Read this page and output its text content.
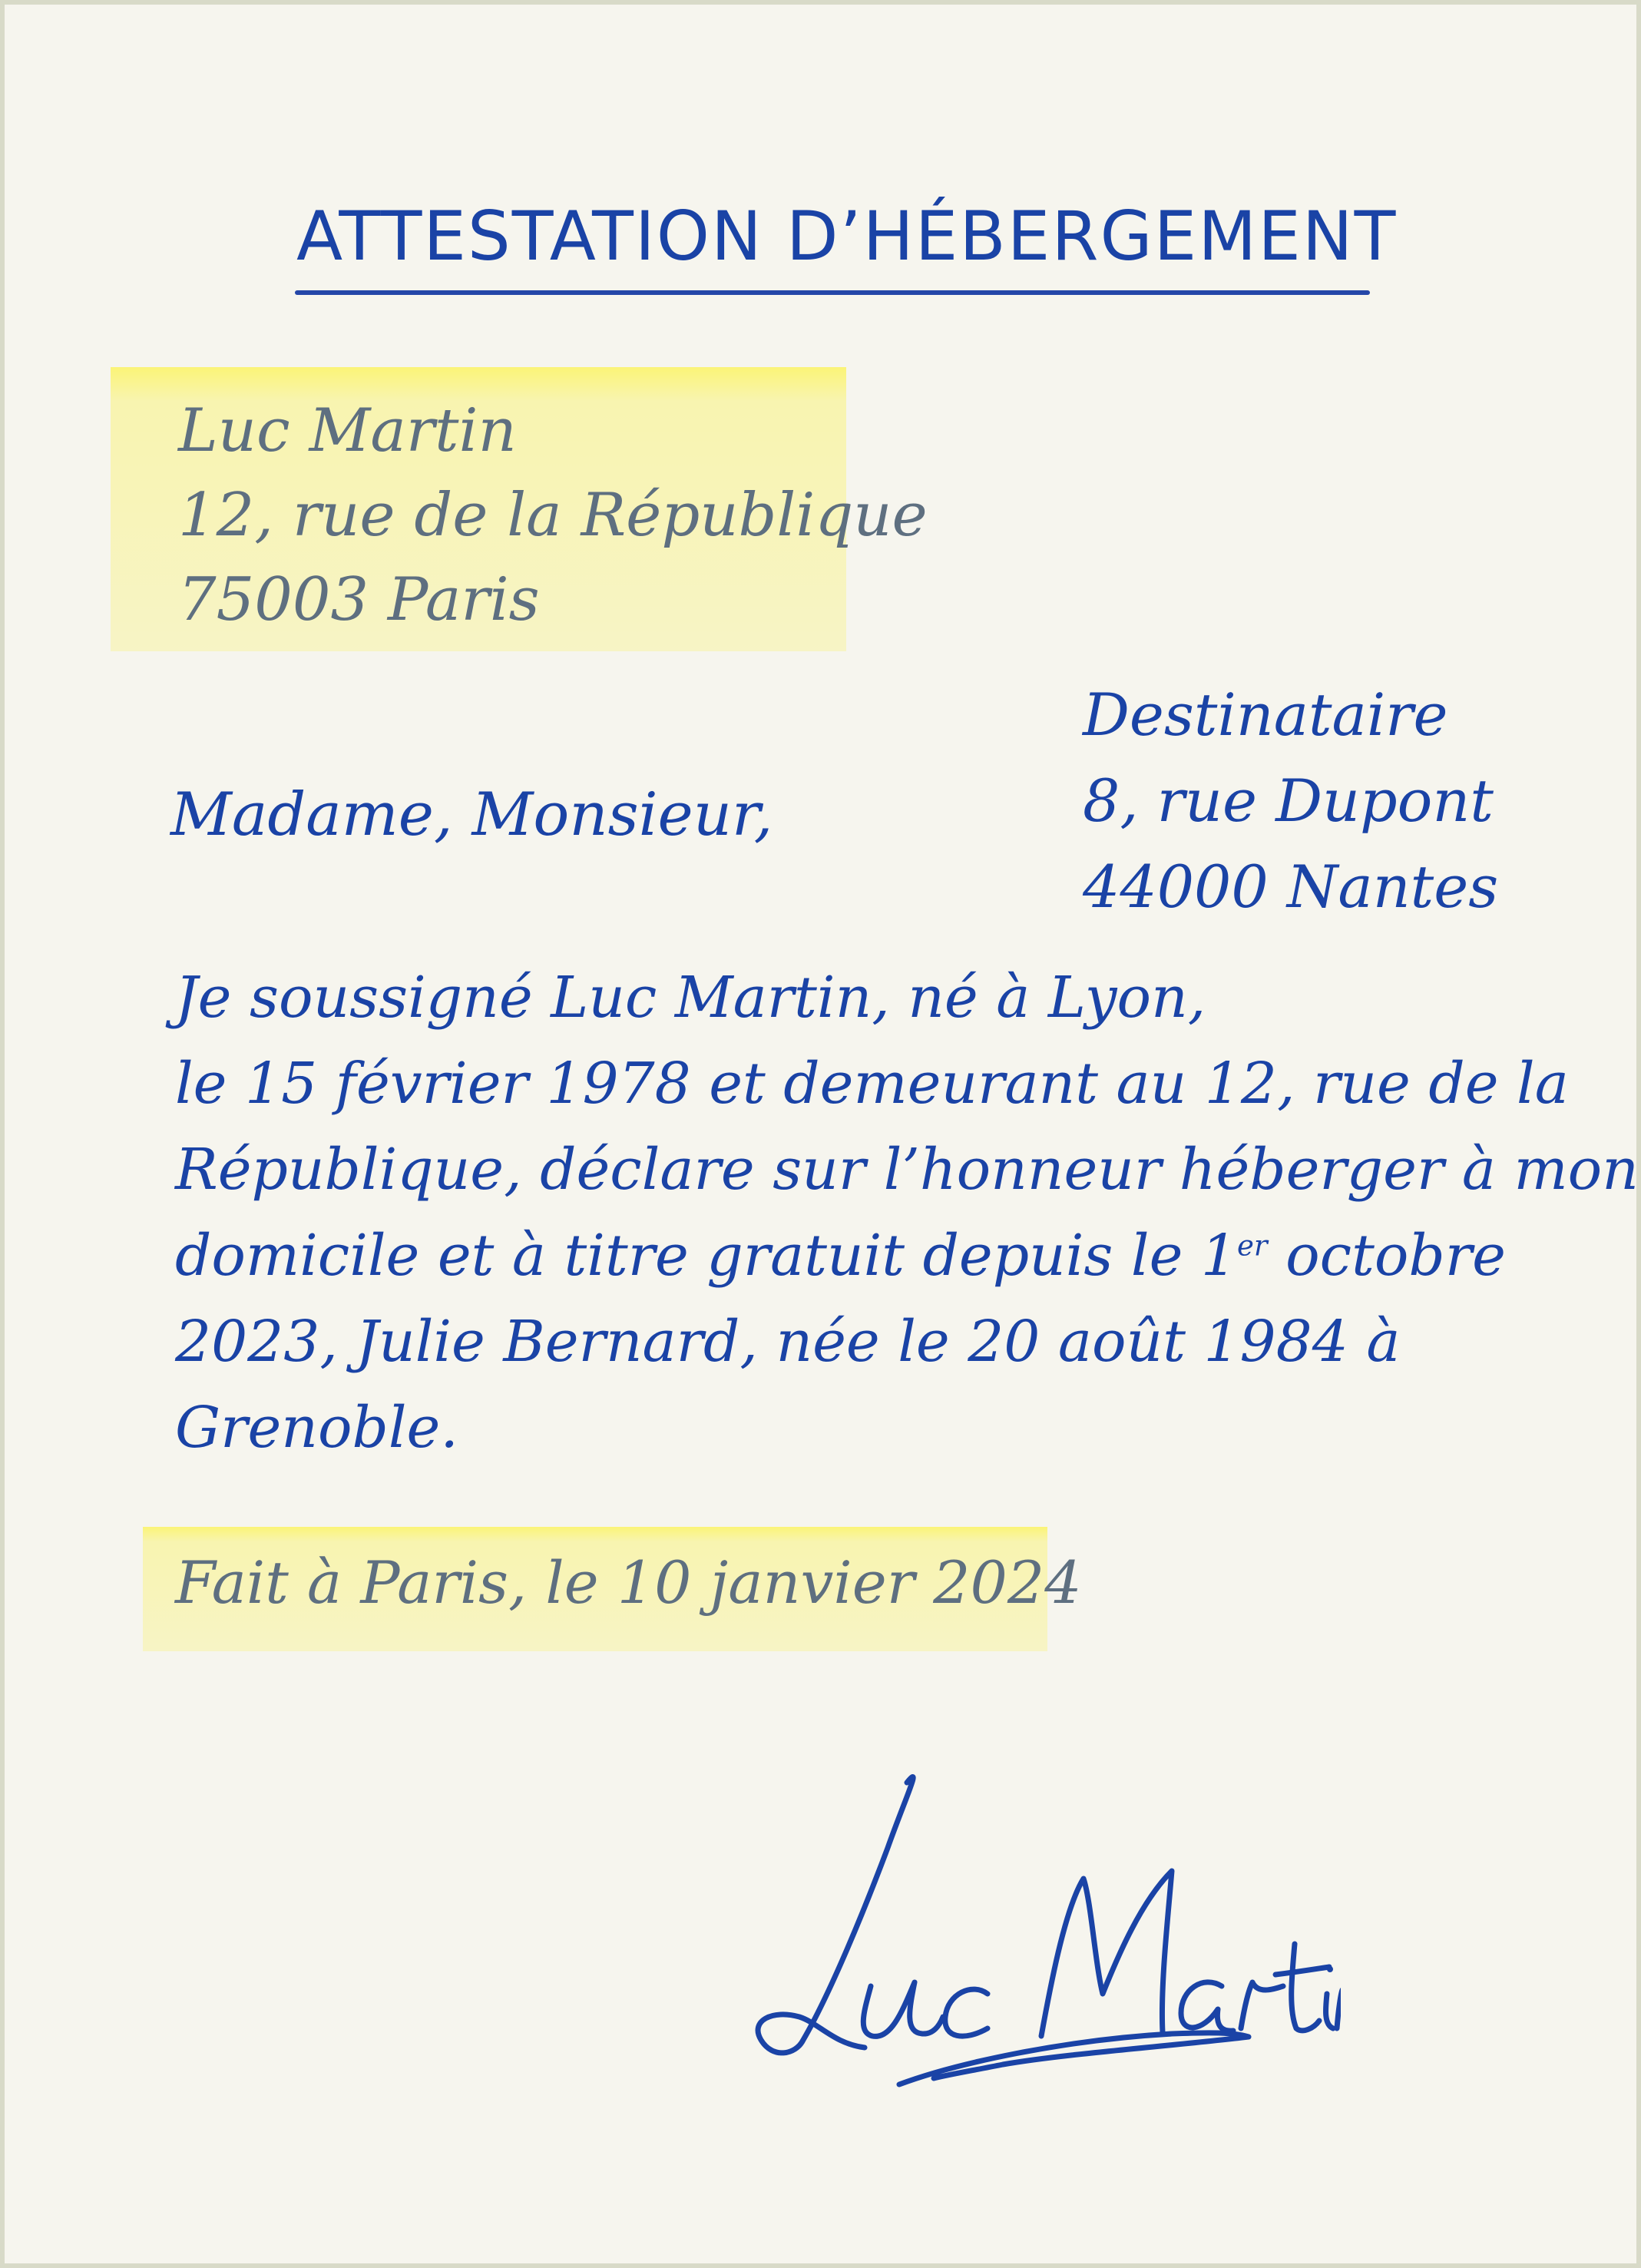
ATTESTATION D’HÉBERGEMENT
Luc Martin
12, rue de la République
75003 Paris
Destinataire
8, rue Dupont
44000 Nantes
Madame, Monsieur,
Je soussigné Luc Martin, né à Lyon,
le 15 février 1978 et demeurant au 12, rue de la
République, déclare sur l’honneur héberger à mon
domicile et à titre gratuit depuis le 1er octobre
2023, Julie Bernard, née le 20 août 1984 à
Grenoble.
Fait à Paris, le 10 janvier 2024
